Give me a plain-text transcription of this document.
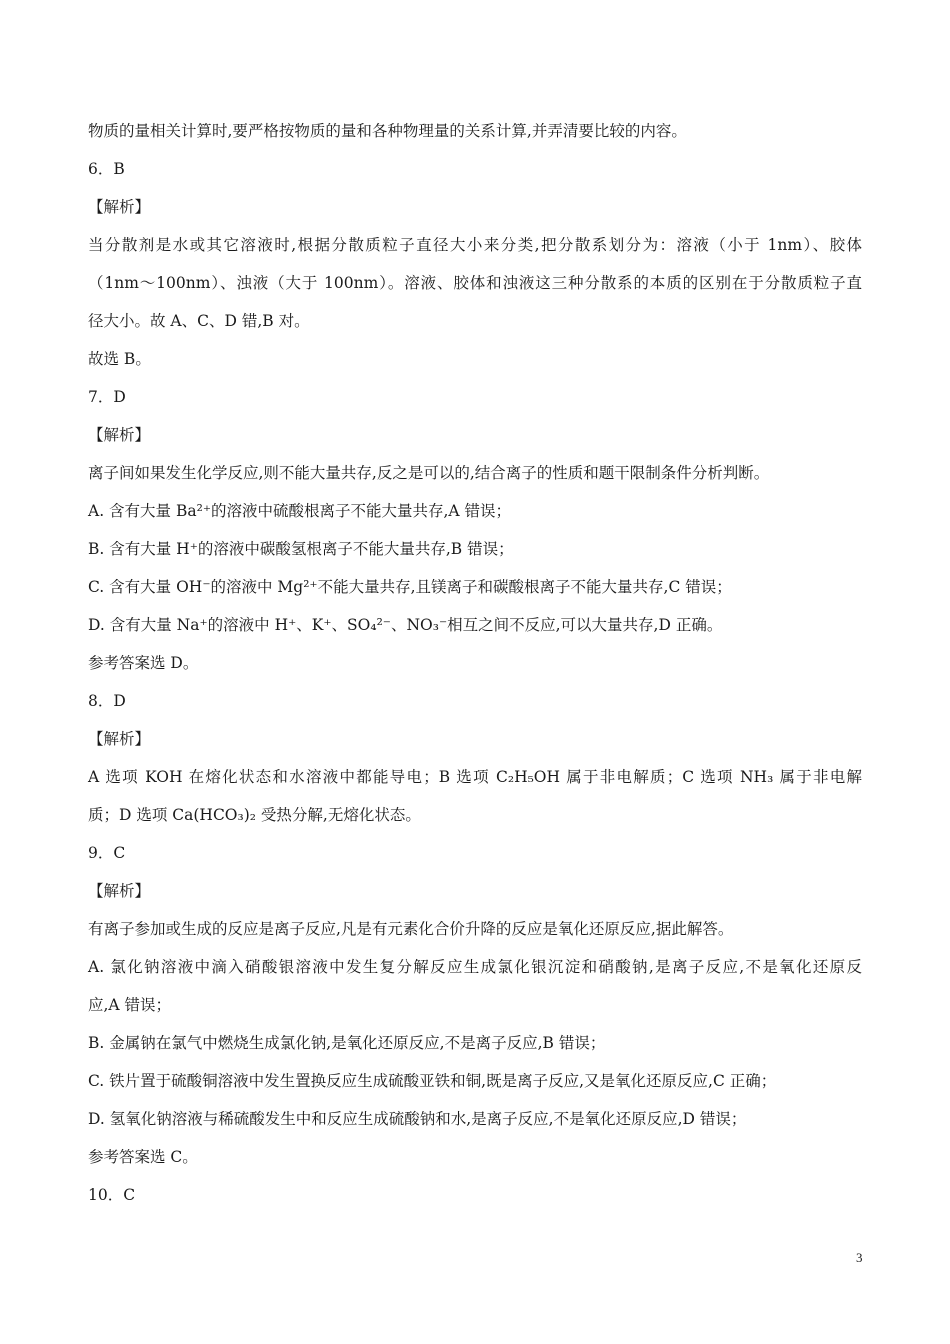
物质的量相关计算时,要严格按物质的量和各种物理量的关系计算,并弄清要比较的内容。
6．B
【解析】
当分散剂是水或其它溶液时,根据分散质粒子直径大小来分类,把分散系划分为：溶液（小于 1nm）、胶体
（1nm～100nm）、浊液（大于 100nm）。溶液、胶体和浊液这三种分散系的本质的区别在于分散质粒子直
径大小。故 A、C、D 错,B 对。
故选 B。
7．D
【解析】
离子间如果发生化学反应,则不能大量共存,反之是可以的,结合离子的性质和题干限制条件分析判断。
A. 含有大量 Ba²⁺的溶液中硫酸根离子不能大量共存,A 错误；
B. 含有大量 H⁺的溶液中碳酸氢根离子不能大量共存,B 错误；
C. 含有大量 OH⁻的溶液中 Mg²⁺不能大量共存,且镁离子和碳酸根离子不能大量共存,C 错误；
D. 含有大量 Na⁺的溶液中 H⁺、K⁺、SO₄²⁻、NO₃⁻相互之间不反应,可以大量共存,D 正确。
参考答案选 D。
8．D
【解析】
A 选项 KOH 在熔化状态和水溶液中都能导电；B 选项 C₂H₅OH 属于非电解质；C 选项 NH₃ 属于非电解
质；D 选项 Ca(HCO₃)₂ 受热分解,无熔化状态。
9．C
【解析】
有离子参加或生成的反应是离子反应,凡是有元素化合价升降的反应是氧化还原反应,据此解答。
A. 氯化钠溶液中滴入硝酸银溶液中发生复分解反应生成氯化银沉淀和硝酸钠,是离子反应,不是氧化还原反
应,A 错误；
B. 金属钠在氯气中燃烧生成氯化钠,是氧化还原反应,不是离子反应,B 错误；
C. 铁片置于硫酸铜溶液中发生置换反应生成硫酸亚铁和铜,既是离子反应,又是氧化还原反应,C 正确；
D. 氢氧化钠溶液与稀硫酸发生中和反应生成硫酸钠和水,是离子反应,不是氧化还原反应,D 错误；
参考答案选 C。
10．C
3
